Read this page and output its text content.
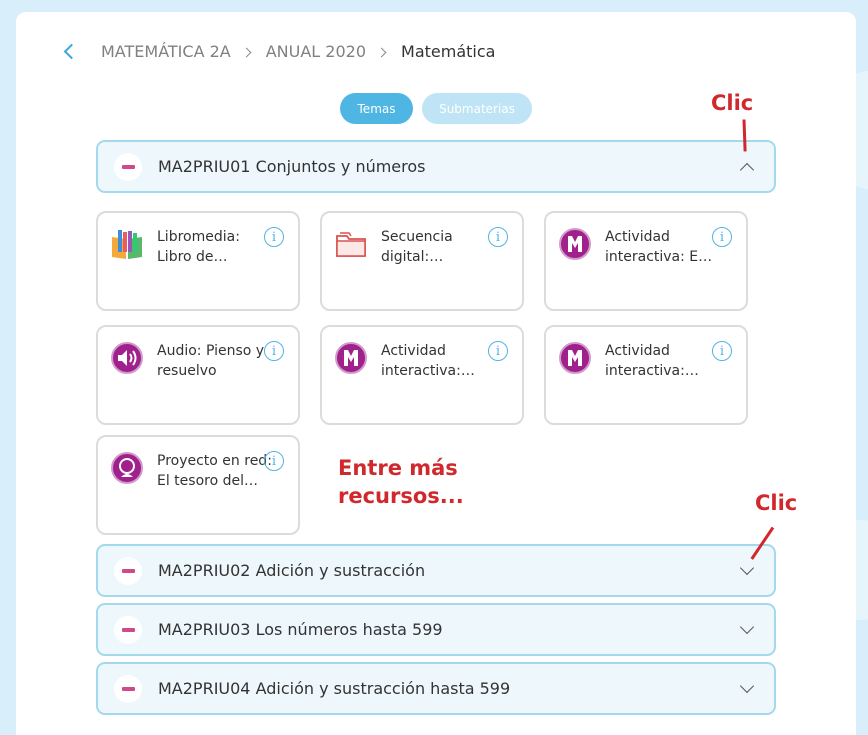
MATEMÁTICA 2A ANUAL 2020 Matemática
Temas	Submaterias
MA2PRIU01 Conjuntos y números
Libromedia:
Libro de…
i	Secuencia
digital:…
i	Actividad
interactiva: E…
i
Audio: Pienso y
resuelvo
i	Actividad
interactiva:…
i	Actividad
interactiva:…
i
Proyecto en red:
El tesoro del…
i
MA2PRIU02 Adición y sustracción
MA2PRIU03 Los números hasta 599
MA2PRIU04 Adición y sustracción hasta 599
Clic
Clic
Entre más
recursos...
